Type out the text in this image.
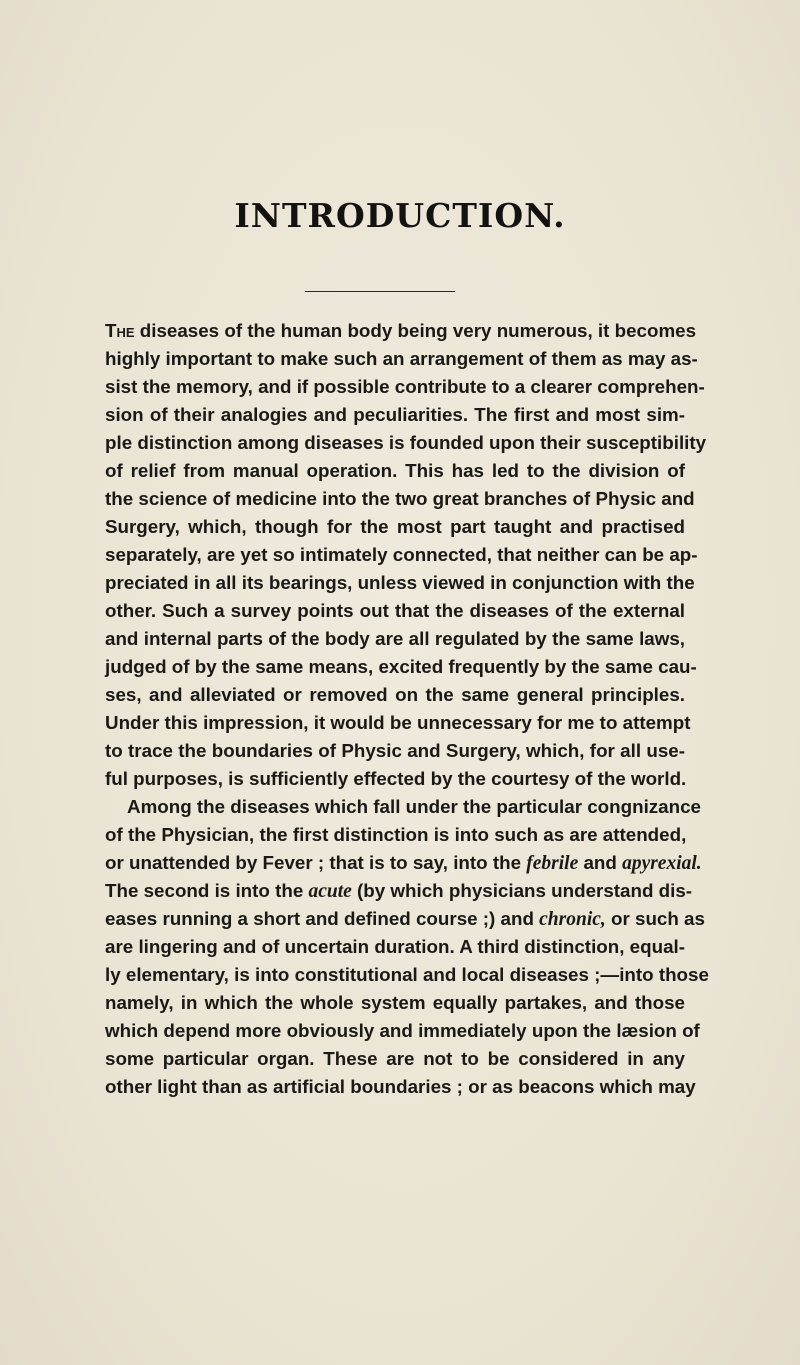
INTRODUCTION.
The diseases of the human body being very numerous, it becomes
highly important to make such an arrangement of them as may as-
sist the memory, and if possible contribute to a clearer comprehen-
sion of their analogies and peculiarities. The first and most sim-
ple distinction among diseases is founded upon their susceptibility
of relief from manual operation. This has led to the division of
the science of medicine into the two great branches of Physic and
Surgery, which, though for the most part taught and practised
separately, are yet so intimately connected, that neither can be ap-
preciated in all its bearings, unless viewed in conjunction with the
other. Such a survey points out that the diseases of the external
and internal parts of the body are all regulated by the same laws,
judged of by the same means, excited frequently by the same cau-
ses, and alleviated or removed on the same general principles.
Under this impression, it would be unnecessary for me to attempt
to trace the boundaries of Physic and Surgery, which, for all use-
ful purposes, is sufficiently effected by the courtesy of the world.
Among the diseases which fall under the particular congnizance
of the Physician, the first distinction is into such as are attended,
or unattended by Fever ; that is to say, into the febrile and apyrexial.
The second is into the acute (by which physicians understand dis-
eases running a short and defined course ;) and chronic, or such as
are lingering and of uncertain duration. A third distinction, equal-
ly elementary, is into constitutional and local diseases ;—into those
namely, in which the whole system equally partakes, and those
which depend more obviously and immediately upon the læsion of
some particular organ. These are not to be considered in any
other light than as artificial boundaries ; or as beacons which may
